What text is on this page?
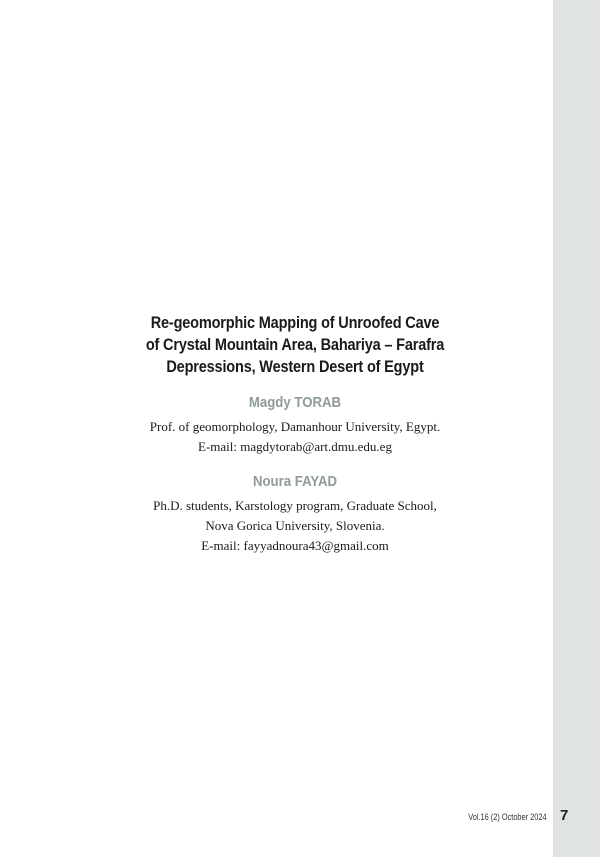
Re-geomorphic Mapping of Unroofed Cave
of Crystal Mountain Area, Bahariya – Farafra
Depressions, Western Desert of Egypt

Magdy TORAB

Prof. of geomorphology, Damanhour University, Egypt.

E-mail: magdytorab@art.dmu.edu.eg

Noura FAYAD

Ph.D. students, Karstology program, Graduate School,

Nova Gorica University, Slovenia.

E-mail: fayyadnoura43@gmail.com

Vol.16 (2) October 2024 7
